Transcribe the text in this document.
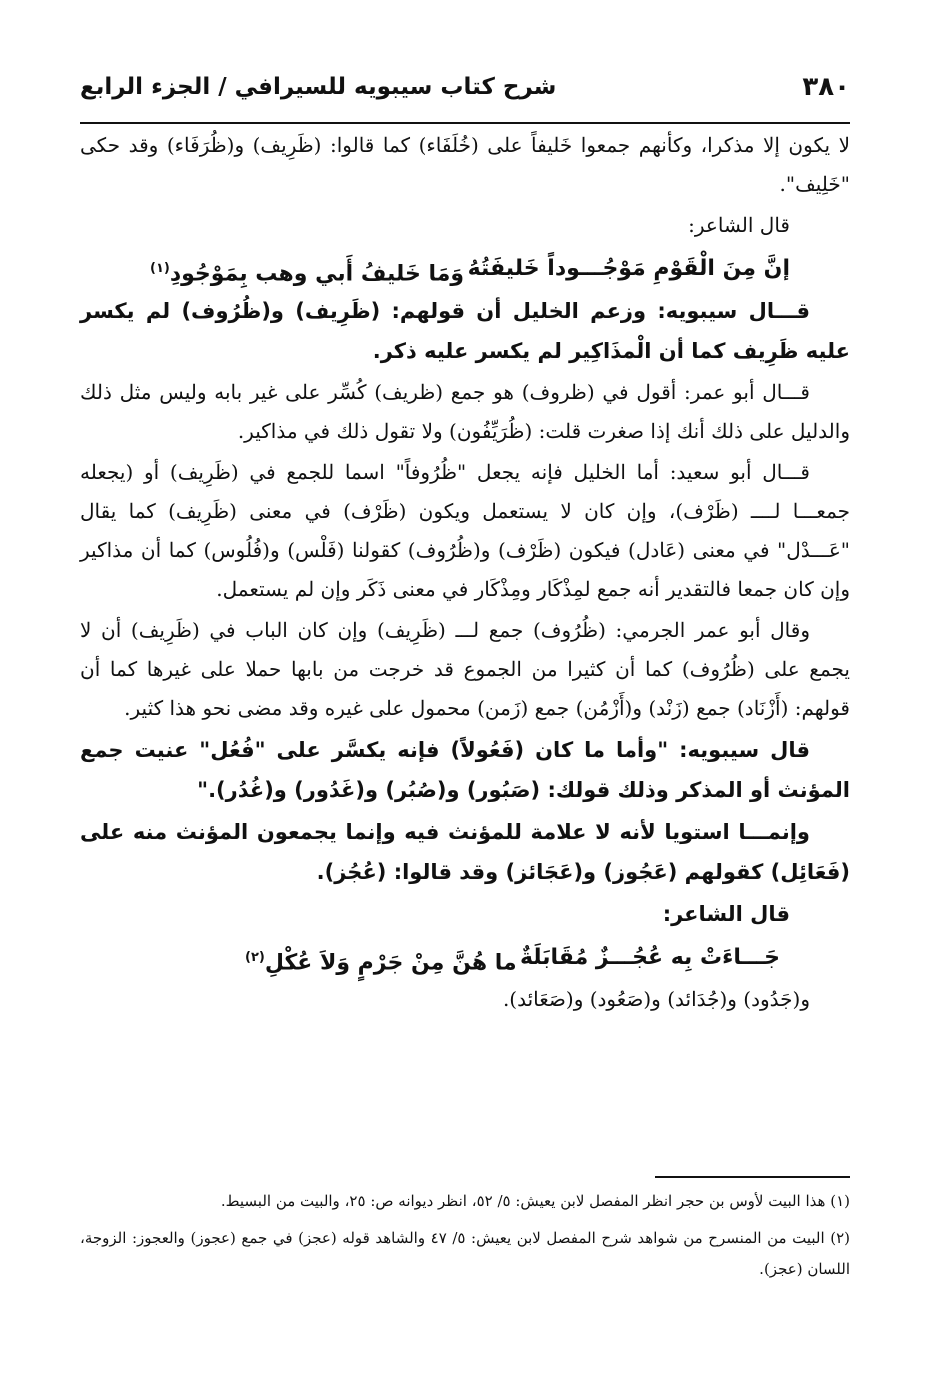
٣٨٠
شرح كتاب سيبويه للسيرافي / الجزء الرابع

لا يكون إلا مذكرا، وكأنهم جمعوا خَليفاً على (خُلَفَاء) كما قالوا: (ظَرِيف) و(ظُرَفَاء) وقد حكى "خَلِيف".

قال الشاعر:

إنَّ مِنَ الْقَوْمِ مَوْجُـــوداً خَليفَتُهُ
وَمَا خَليفُ أَبي وهب بِمَوْجُودِ$^{(١)}$

قـــال سيبويه: وزعم الخليل أن قولهم: (ظَرِيف) و(ظُرُوف) لم يكسر عليه ظَرِيف كما أن الْمذَاكِير لم يكسر عليه ذكر.

قـــال أبو عمر: أقول في (ظروف) هو جمع (ظريف) كُسِّر على غير بابه وليس مثل ذلك والدليل على ذلك أنك إذا صغرت قلت: (ظُرَيِّفُون) ولا تقول ذلك في مذاكير.

قـــال أبو سعيد: أما الخليل فإنه يجعل "ظُرُوفاً" اسما للجمع في (ظَرِيف) أو (يجعله جمعـــا لــــ (ظَرْف)، وإن كان لا يستعمل ويكون (ظَرْف) في معنى (ظَرِيف) كما يقال "عَـــدْل" في معنى (عَادل) فيكون (ظَرْف) و(ظُرُوف) كقولنا (فَلْس) و(فُلُوس) كما أن مذاكير وإن كان جمعا فالتقدير أنه جمع لمِذْكَار ومِذْكَار في معنى ذَكَر وإن لم يستعمل.

وقال أبو عمر الجرمي: (ظُرُوف) جمع لـــ (ظَرِيف) وإن كان الباب في (ظَرِيف) أن لا يجمع على (ظُرُوف) كما أن كثيرا من الجموع قد خرجت من بابها حملا على غيرها كما أن قولهم: (أَزْنَاد) جمع (زَنْد) و(أَزْمُن) جمع (زَمن) محمول على غيره وقد مضى نحو هذا كثير.

قال سيبويه: "وأما ما كان (فَعُولاً) فإنه يكسَّر على "فُعُل" عنيت جمع المؤنث أو المذكر وذلك قولك: (صَبُور) و(صُبُر) و(غَدُور) و(غُدُر)."

وإنمـــا استويا لأنه لا علامة للمؤنث فيه وإنما يجمعون المؤنث منه على (فَعَائِل) كقولهم (عَجُوز) و(عَجَائز) وقد قالوا: (عُجُز).

قال الشاعر:

جَـــاءَتْ بِه عُجُـــزٌ مُقَابَلَةٌ
ما هُنَّ مِنْ جَرْمٍ وَلاَ عُكْلِ$^{(٢)}$

و(جَدُود) و(جُدَائد) و(صَعُود) و(صَعَائد).

(١) هذا البيت لأوس بن حجر انظر المفصل لابن يعيش: ٥/ ٥٢، انظر ديوانه ص: ٢٥، والبيت من البسيط.

(٢) البيت من المنسرح من شواهد شرح المفصل لابن يعيش: ٥/ ٤٧ والشاهد قوله (عجز) في جمع (عجوز) والعجوز: الزوجة، اللسان (عجز).
